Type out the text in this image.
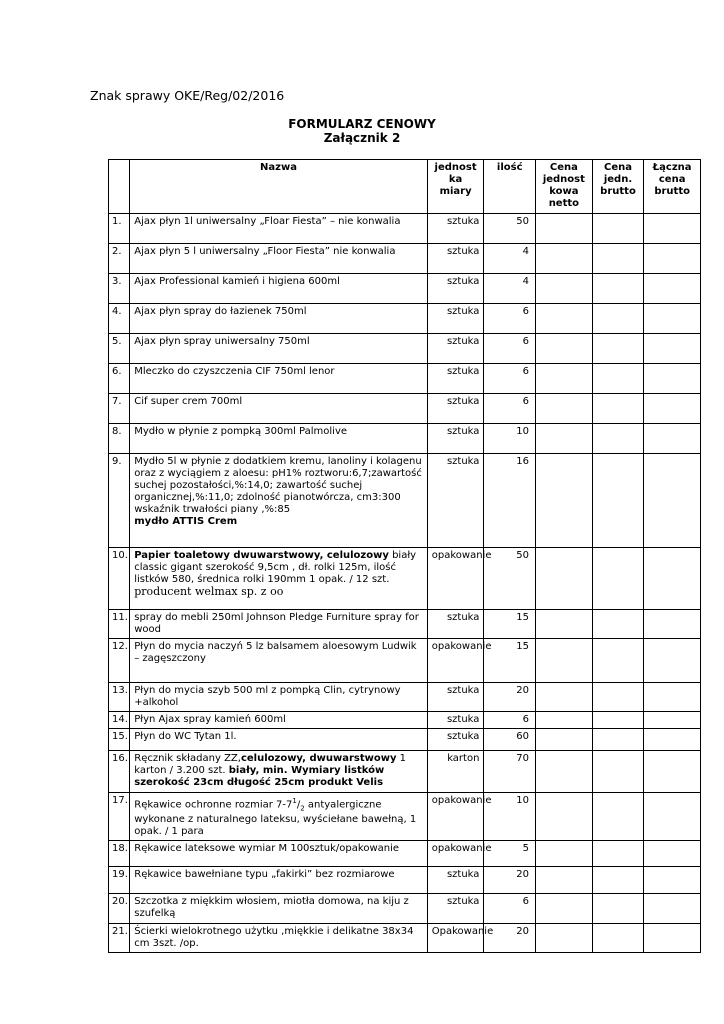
Znak sprawy OKE/Reg/02/2016
FORMULARZ CENOWY
Załącznik 2
	Nazwa	jednost ka miary	ilość	Cena jednost kowa netto	Cena jedn. brutto	Łączna cena brutto
1.	Ajax płyn 1l uniwersalny „Floar Fiesta” – nie konwalia	sztuka	50			
2.	Ajax płyn 5 l uniwersalny „Floor Fiesta” nie konwalia	sztuka	4			
3.	Ajax Professional kamień i higiena 600ml	sztuka	4			
4.	Ajax płyn spray do łazienek 750ml	sztuka	6			
5.	Ajax płyn spray uniwersalny 750ml	sztuka	6			
6.	Mleczko do czyszczenia CIF 750ml lenor	sztuka	6			
7.	Cif super crem 700ml	sztuka	6			
8.	Mydło w płynie z pompką 300ml Palmolive	sztuka	10			
9.	Mydło 5l w płynie z dodatkiem kremu, lanoliny i kolagenu oraz z wyciągiem z aloesu: pH1% roztworu:6,7;zawartość suchej pozostałości,%:14,0; zawartość suchej organicznej,%:11,0; zdolność pianotwórcza, cm3:300 wskaźnik trwałości piany ,%:85
mydło ATTIS Crem	sztuka	16			
10.	Papier toaletowy dwuwarstwowy, celulozowy biały classic gigant szerokość 9,5cm , dł. rolki 125m, ilość listków 580, średnica rolki 190mm 1 opak. / 12 szt.
producent welmax sp. z oo	opakowanie	50			
11.	spray do mebli 250ml Johnson Pledge Furniture spray for wood	sztuka	15			
12.	Płyn do mycia naczyń 5 lz balsamem aloesowym Ludwik – zagęszczony	opakowanie	15			
13.	Płyn do mycia szyb 500 ml z pompką Clin, cytrynowy +alkohol	sztuka	20			
14.	Płyn Ajax spray kamień 600ml	sztuka	6			
15.	Płyn do WC Tytan 1l.	sztuka	60			
16.	Ręcznik składany ZZ,celulozowy, dwuwarstwowy 1 karton / 3.200 szt. biały, min. Wymiary listków szerokość 23cm długość 25cm produkt Velis	karton	70			
17.	Rękawice ochronne rozmiar $7-7^1/_2$ antyalergiczne wykonane z naturalnego lateksu, wyściełane bawełną, 1 opak. / 1 para	opakowanie	10			
18.	Rękawice lateksowe wymiar M 100sztuk/opakowanie	opakowanie	5			
19.	Rękawice bawełniane typu „fakirki” bez rozmiarowe	sztuka	20			
20.	Szczotka z miękkim włosiem, miotła domowa, na kiju z szufelką	sztuka	6			
21.	Ścierki wielokrotnego użytku ,miękkie i delikatne 38x34 cm 3szt. /op.	Opakowanie	20			
